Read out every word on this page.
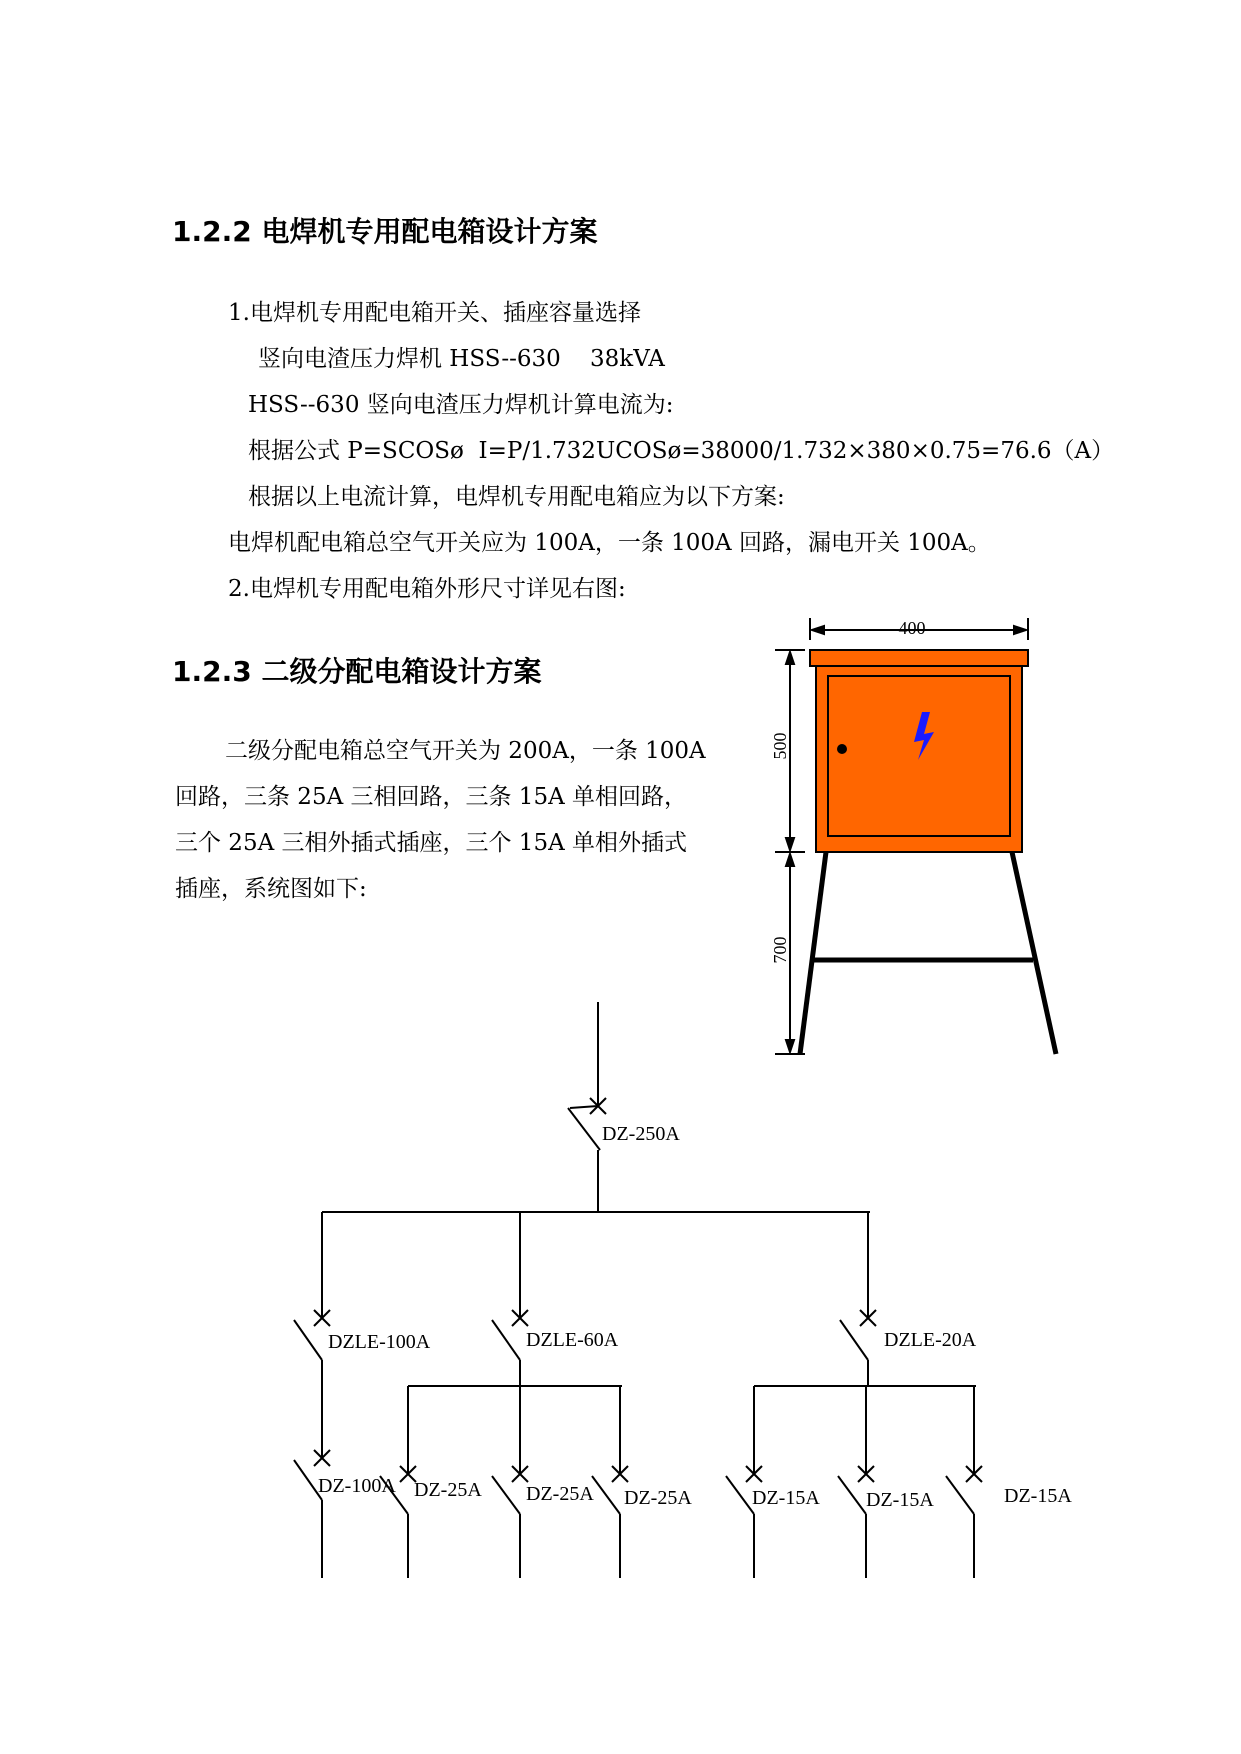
1.2.2 电焊机专用配电箱设计方案
1.电焊机专用配电箱开关、插座容量选择
竖向电渣压力焊机 HSS--630    38kVA
HSS--630 竖向电渣压力焊机计算电流为:
根据公式 P=SCOSø  I=P/1.732UCOSø=38000/1.732×380×0.75=76.6（A）
根据以上电流计算，电焊机专用配电箱应为以下方案:
电焊机配电箱总空气开关应为 100A，一条 100A 回路，漏电开关 100A。
2.电焊机专用配电箱外形尺寸详见右图:
1.2.3 二级分配电箱设计方案
二级分配电箱总空气开关为 200A，一条 100A
回路，三条 25A 三相回路，三条 15A 单相回路，
三个 25A 三相外插式插座，三个 15A 单相外插式
插座，系统图如下:
400
500
700
DZ-250A
DZLE-100A	DZLE-60A	DZLE-20A
DZ-100A DZ-25A DZ-25A DZ-25A	DZ-15A DZ-15A	DZ-15A
